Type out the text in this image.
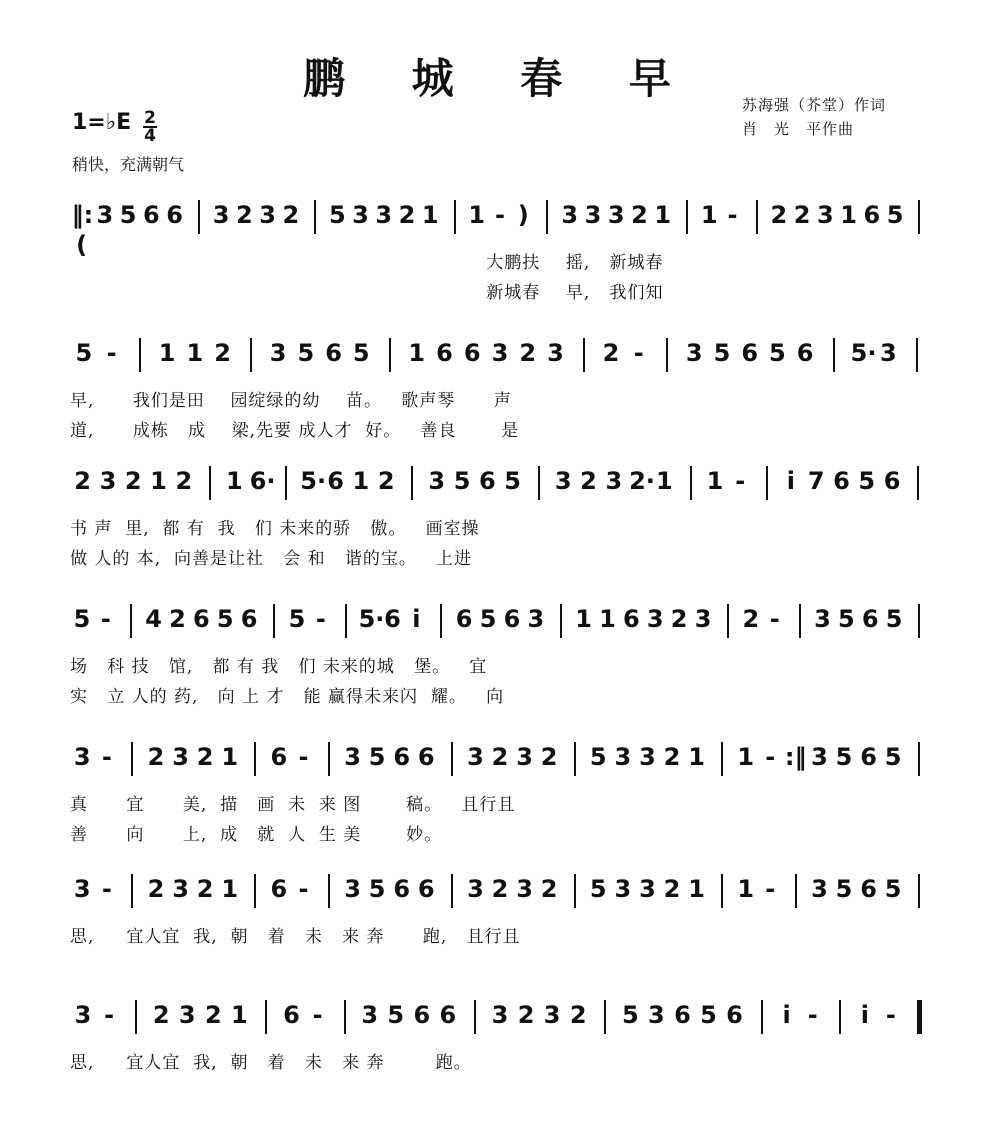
鹏 城 春 早
苏海强（芥堂）作词
肖　光　平作曲
1=♭E $\frac{2}{4}$
稍快，充满朝气
‖:(
3 5 6 6 3 2 3 2 5 3 3 2 1 1 - ) 3 3 3 2 1 1 - 2 2 3 1 6 5
大鹏扶    摇,   新城春
新城春    早,   我们知
5 - 1 1 2 3 5 6 5 1 6 6 3 2 3 2 - 3 5 6 5 6 5· 3
早,      我们是田    园绽绿的幼    苗。   歌声琴      声
道,      成栋   成    梁,先要 成人才  好。   善良       是
2 3 2 1 2 1 6· 5· 6 1 2 3 5 6 5 3 2 3 2· 1 1 - i 7 6 5 6
书 声  里,  都 有  我   们 未来的骄   傲。   画室操
做 人的 本,  向善是让社   会 和   谐的宝。   上进
5 - 4 2 6 5 6 5 - 5· 6 i 6 5 6 3 1 1 6 3 2 3 2 - 3 5 6 5
场   科 技   馆,   都 有 我   们 未来的城   堡。   宜
实   立 人的 药,   向 上 才   能 赢得未来闪  耀。   向
3 - 2 3 2 1 6 - 3 5 6 6 3 2 3 2 5 3 3 2 1 1 - :‖ 3 5 6 5
真      宜      美,  描   画  未  来 图       稿。   且行且
善      向      上,  成   就  人  生 美       妙。
3 - 2 3 2 1 6 - 3 5 6 6 3 2 3 2 5 3 3 2 1 1 - 3 5 6 5
思,     宜人宜  我,  朝   着   未   来 奔      跑,   且行且
3 - 2 3 2 1 6 - 3 5 6 6 3 2 3 2 5 3 6 5 6 i - i -
思,     宜人宜  我,  朝   着   未   来 奔        跑。
